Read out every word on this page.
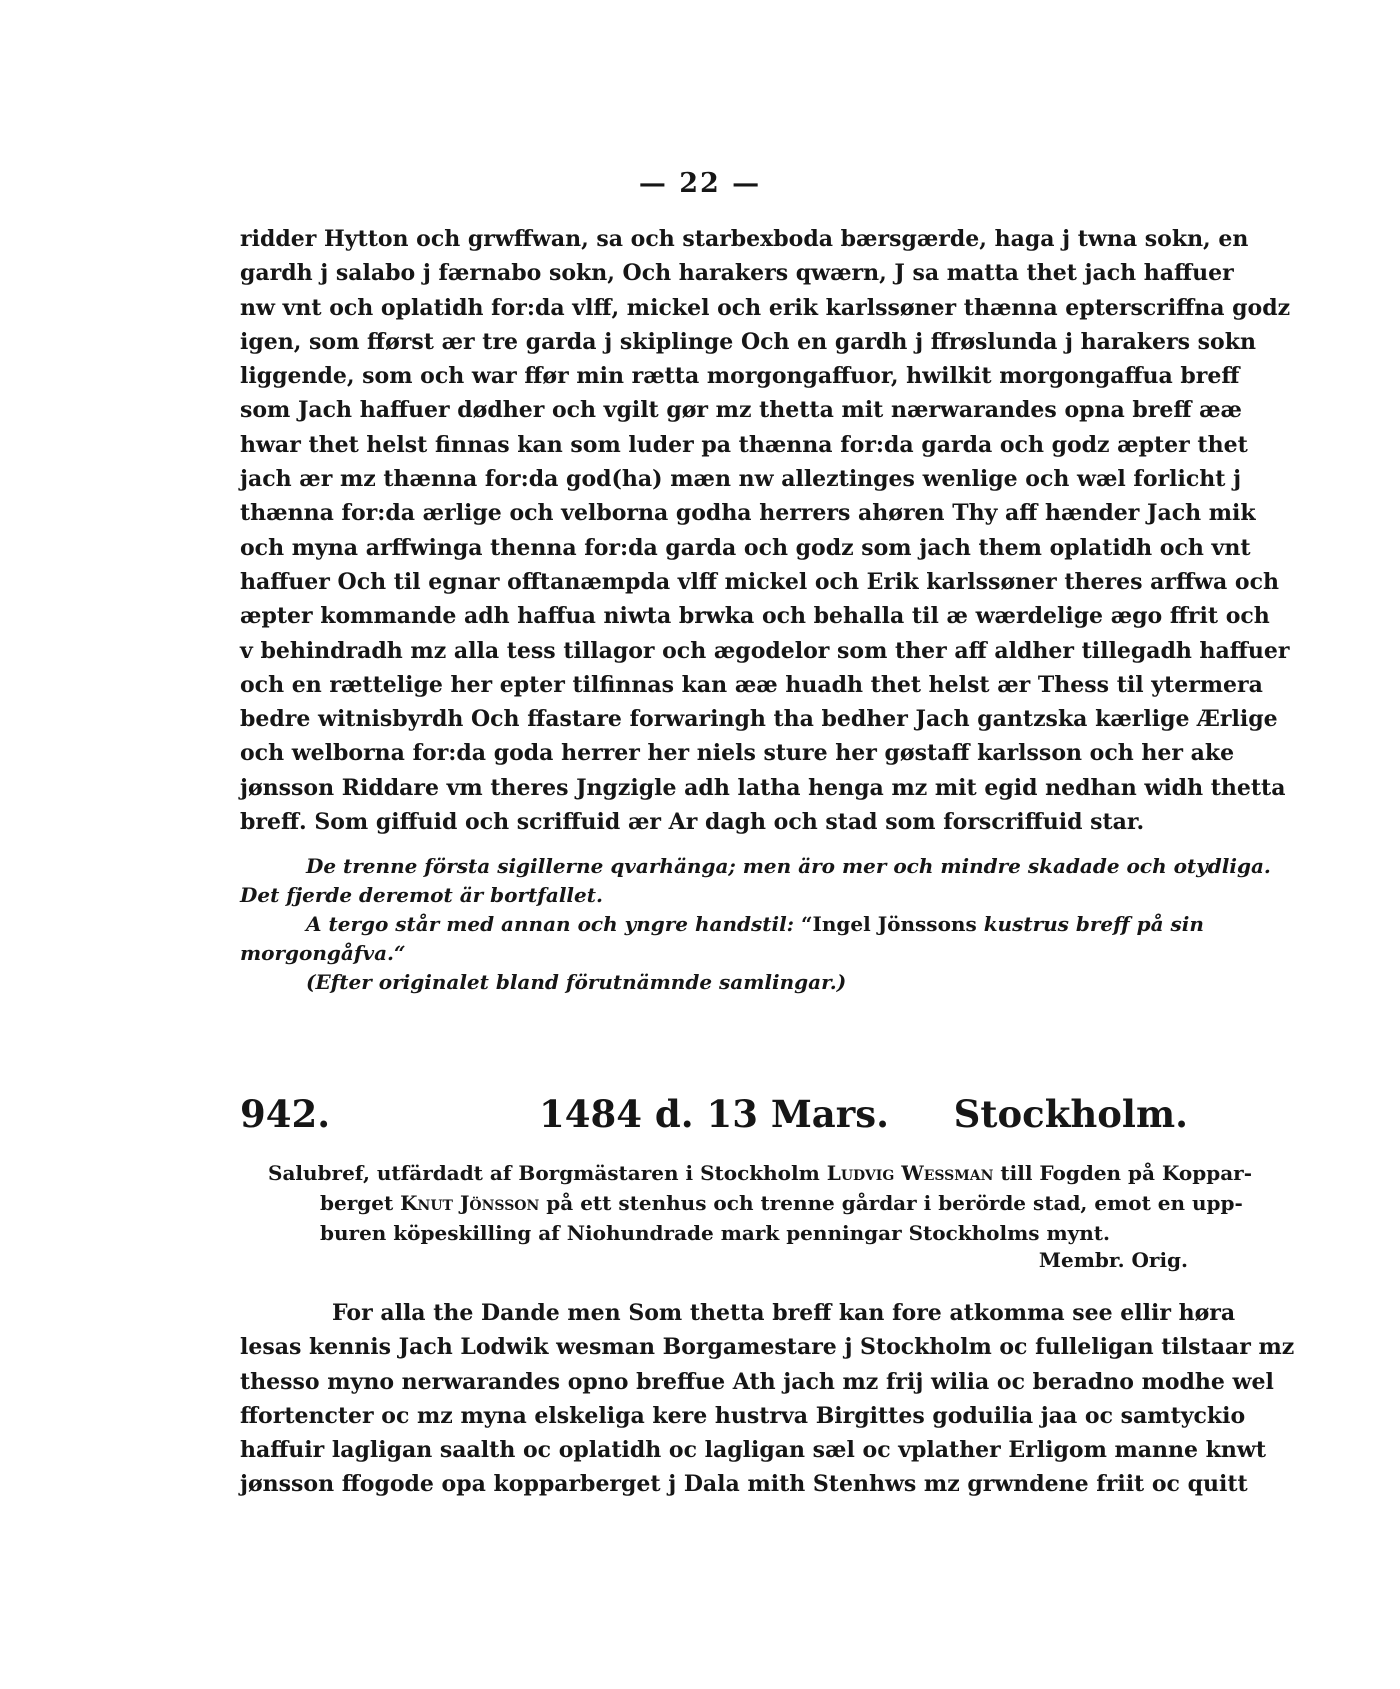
— 22 —
ridder Hytton och grwffwan, sa och starbexboda bærsgærde, haga j twna sokn, en
gardh j salabo j færnabo sokn, Och harakers qwærn, J sa matta thet jach haffuer
nw vnt och oplatidh for:da vlff, mickel och erik karlssøner thænna epterscriffna godz
igen, som fførst ær tre garda j skiplinge Och en gardh j ffrøslunda j harakers sokn
liggende, som och war ffør min rætta morgongaffuor, hwilkit morgongaffua breff
som Jach haffuer dødher och vgilt gør mz thetta mit nærwarandes opna breff ææ
hwar thet helst finnas kan som luder pa thænna for:da garda och godz æpter thet
jach ær mz thænna for:da god(ha) mæn nw alleztinges wenlige och wæl forlicht j
thænna for:da ærlige och velborna godha herrers ahøren Thy aff hænder Jach mik
och myna arffwinga thenna for:da garda och godz som jach them oplatidh och vnt
haffuer Och til egnar offtanæmpda vlff mickel och Erik karlssøner theres arffwa och
æpter kommande adh haffua niwta brwka och behalla til æ wærdelige ægo ffrit och
v behindradh mz alla tess tillagor och ægodelor som ther aff aldher tillegadh haffuer
och en rættelige her epter tilfinnas kan ææ huadh thet helst ær Thess til ytermera
bedre witnisbyrdh Och ffastare forwaringh tha bedher Jach gantzska kærlige Ærlige
och welborna for:da goda herrer her niels sture her gøstaff karlsson och her ake
jønsson Riddare vm theres Jngzigle adh latha henga mz mit egid nedhan widh thetta
breff. Som giffuid och scriffuid ær Ar dagh och stad som forscriffuid star.
De trenne första sigillerne qvarhänga; men äro mer och mindre skadade och otydliga.
Det fjerde deremot är bortfallet.
A tergo står med annan och yngre handstil: “Ingel Jönssons kustrus breff på sin
morgongåfva.“
(Efter originalet bland förutnämnde samlingar.)
1484 d. 13 Mars.
942.	Stockholm.
Salubref, utfärdadt af Borgmästaren i Stockholm Ludvig Wessman till Fogden på Koppar-
berget Knut Jönsson på ett stenhus och trenne gårdar i berörde stad, emot en upp-
buren köpeskilling af Niohundrade mark penningar Stockholms mynt.
Membr. Orig.
For alla the Dande men Som thetta breff kan fore atkomma see ellir høra
lesas kennis Jach Lodwik wesman Borgamestare j Stockholm oc fulleligan tilstaar mz
thesso myno nerwarandes opno breffue Ath jach mz frij wilia oc beradno modhe wel
ffortencter oc mz myna elskeliga kere hustrva Birgittes goduilia jaa oc samtyckio
haffuir lagligan saalth oc oplatidh oc lagligan sæl oc vplather Erligom manne knwt
jønsson ffogode opa kopparberget j Dala mith Stenhws mz grwndene friit oc quitt
